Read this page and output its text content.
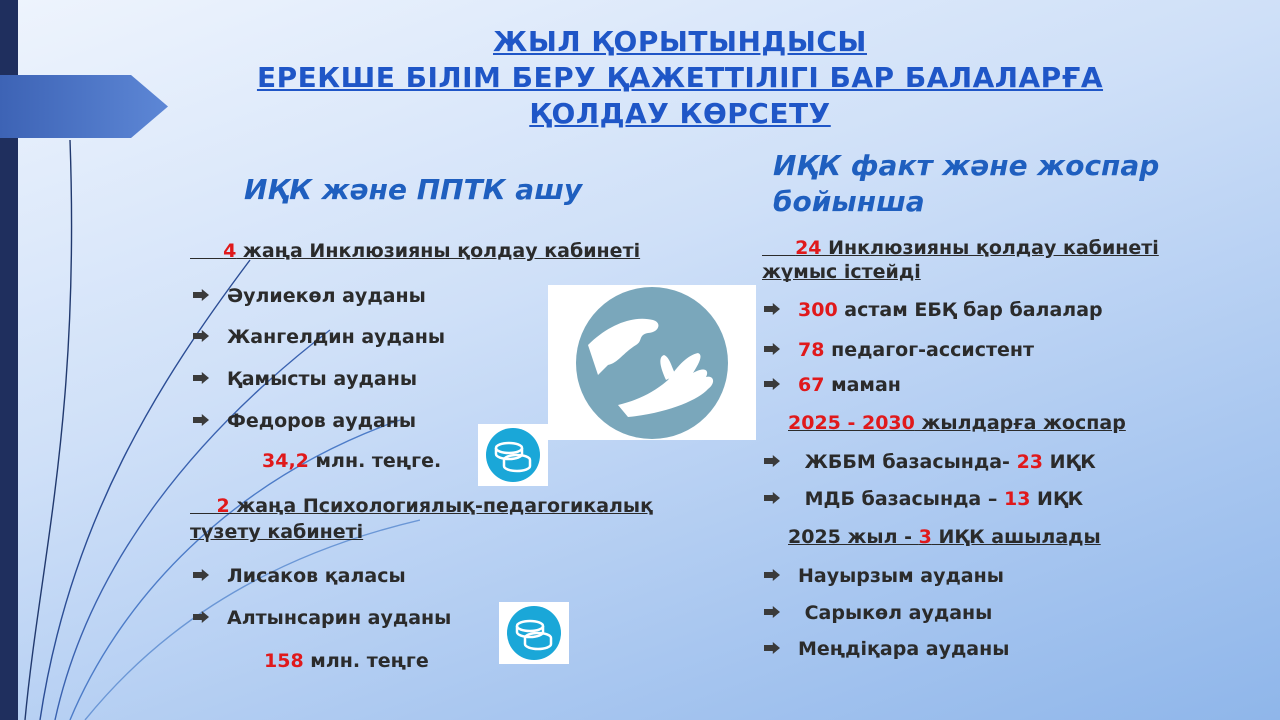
ЖЫЛ ҚОРЫТЫНДЫСЫ
ЕРЕКШЕ БІЛІМ БЕРУ ҚАЖЕТТІЛІГІ БАР БАЛАЛАРҒА
ҚОЛДАУ КӨРСЕТУ
ИҚК және ППТК ашу
ИҚК факт және жоспар бойынша
4 жаңа Инклюзияны қолдау кабинеті
Әулиекөл ауданы
Жангелдин ауданы
Қамысты ауданы
Федоров ауданы
34,2 млн. теңге.
2 жаңа Психологиялық-педагогикалық
түзету кабинеті
Лисаков қаласы
Алтынсарин ауданы
158 млн. теңге
24 Инклюзияны қолдау кабинеті
жұмыс істейді
300 астам ЕБҚ бар балалар
78 педагог-ассистент
67 маман
2025 - 2030 жылдарға жоспар
ЖББМ базасында- 23 ИҚК
МДБ базасында – 13 ИҚК
2025 жыл - 3 ИҚК ашылады
Науырзым ауданы
Сарыкөл ауданы
Меңдіқара ауданы
